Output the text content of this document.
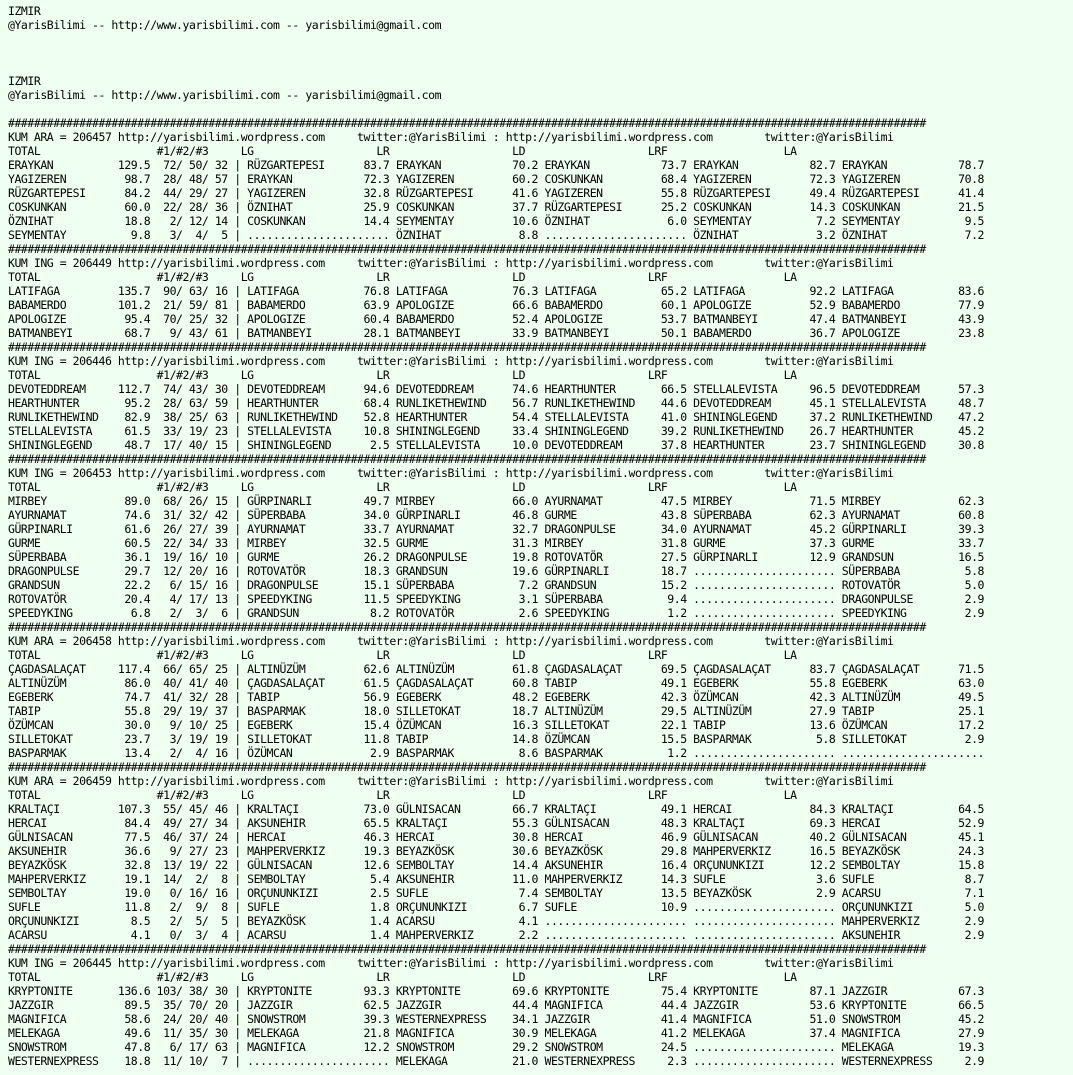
IZMIR
@YarisBilimi -- http://www.yarisbilimi.com -- yarisbilimi@gmail.com
IZMIR
@YarisBilimi -- http://www.yarisbilimi.com -- yarisbilimi@gmail.com
##############################################################################################################################################
KUM ARA = 206457 http://yarisbilimi.wordpress.com     twitter:@YarisBilimi : http://yarisbilimi.wordpress.com        twitter:@YarisBilimi
TOTAL                  #1/#2/#3     LG                   LR                   LD                   LRF                  LA
ERAYKAN          129.5  72/ 50/ 32 | RÜZGARTEPESI      83.7 ERAYKAN           70.2 ERAYKAN           73.7 ERAYKAN           82.7 ERAYKAN           78.7
YAGIZEREN         98.7  28/ 48/ 57 | ERAYKAN           72.3 YAGIZEREN         60.2 COSKUNKAN         68.4 YAGIZEREN         72.3 YAGIZEREN         70.8
RÜZGARTEPESI      84.2  44/ 29/ 27 | YAGIZEREN         32.8 RÜZGARTEPESI      41.6 YAGIZEREN         55.8 RÜZGARTEPESI      49.4 RÜZGARTEPESI      41.4
COSKUNKAN         60.0  22/ 28/ 36 | ÖZNIHAT           25.9 COSKUNKAN         37.7 RÜZGARTEPESI      25.2 COSKUNKAN         14.3 COSKUNKAN         21.5
ÖZNIHAT           18.8   2/ 12/ 14 | COSKUNKAN         14.4 SEYMENTAY         10.6 ÖZNIHAT            6.0 SEYMENTAY          7.2 SEYMENTAY          9.5
SEYMENTAY          9.8   3/  4/  5 | ...................... ÖZNIHAT            8.8 ...................... ÖZNIHAT            3.2 ÖZNIHAT            7.2
##############################################################################################################################################
KUM ING = 206449 http://yarisbilimi.wordpress.com     twitter:@YarisBilimi : http://yarisbilimi.wordpress.com        twitter:@YarisBilimi
TOTAL                  #1/#2/#3     LG                   LR                   LD                   LRF                  LA
LATIFAGA         135.7  90/ 63/ 16 | LATIFAGA          76.8 LATIFAGA          76.3 LATIFAGA          65.2 LATIFAGA          92.2 LATIFAGA          83.6
BABAMERDO        101.2  21/ 59/ 81 | BABAMERDO         63.9 APOLOGIZE         66.6 BABAMERDO         60.1 APOLOGIZE         52.9 BABAMERDO         77.9
APOLOGIZE         95.4  70/ 25/ 32 | APOLOGIZE         60.4 BABAMERDO         52.4 APOLOGIZE         53.7 BATMANBEYI        47.4 BATMANBEYI        43.9
BATMANBEYI        68.7   9/ 43/ 61 | BATMANBEYI        28.1 BATMANBEYI        33.9 BATMANBEYI        50.1 BABAMERDO         36.7 APOLOGIZE         23.8
##############################################################################################################################################
KUM ING = 206446 http://yarisbilimi.wordpress.com     twitter:@YarisBilimi : http://yarisbilimi.wordpress.com        twitter:@YarisBilimi
TOTAL                  #1/#2/#3     LG                   LR                   LD                   LRF                  LA
DEVOTEDDREAM     112.7  74/ 43/ 30 | DEVOTEDDREAM      94.6 DEVOTEDDREAM      74.6 HEARTHUNTER       66.5 STELLALEVISTA     96.5 DEVOTEDDREAM      57.3
HEARTHUNTER       95.2  28/ 63/ 59 | HEARTHUNTER       68.4 RUNLIKETHEWIND    56.7 RUNLIKETHEWIND    44.6 DEVOTEDDREAM      45.1 STELLALEVISTA     48.7
RUNLIKETHEWIND    82.9  38/ 25/ 63 | RUNLIKETHEWIND    52.8 HEARTHUNTER       54.4 STELLALEVISTA     41.0 SHININGLEGEND     37.2 RUNLIKETHEWIND    47.2
STELLALEVISTA     61.5  33/ 19/ 23 | STELLALEVISTA     10.8 SHININGLEGEND     33.4 SHININGLEGEND     39.2 RUNLIKETHEWIND    26.7 HEARTHUNTER       45.2
SHININGLEGEND     48.7  17/ 40/ 15 | SHININGLEGEND      2.5 STELLALEVISTA     10.0 DEVOTEDDREAM      37.8 HEARTHUNTER       23.7 SHININGLEGEND     30.8
##############################################################################################################################################
KUM ING = 206453 http://yarisbilimi.wordpress.com     twitter:@YarisBilimi : http://yarisbilimi.wordpress.com        twitter:@YarisBilimi
TOTAL                  #1/#2/#3     LG                   LR                   LD                   LRF                  LA
MIRBEY            89.0  68/ 26/ 15 | GÜRPINARLI        49.7 MIRBEY            66.0 AYURNAMAT         47.5 MIRBEY            71.5 MIRBEY            62.3
AYURNAMAT         74.6  31/ 32/ 42 | SÜPERBABA         34.0 GÜRPINARLI        46.8 GURME             43.8 SÜPERBABA         62.3 AYURNAMAT         60.8
GÜRPINARLI        61.6  26/ 27/ 39 | AYURNAMAT         33.7 AYURNAMAT         32.7 DRAGONPULSE       34.0 AYURNAMAT         45.2 GÜRPINARLI        39.3
GURME             60.5  22/ 34/ 33 | MIRBEY            32.5 GURME             31.3 MIRBEY            31.8 GURME             37.3 GURME             33.7
SÜPERBABA         36.1  19/ 16/ 10 | GURME             26.2 DRAGONPULSE       19.8 ROTOVATÖR         27.5 GÜRPINARLI        12.9 GRANDSUN          16.5
DRAGONPULSE       29.7  12/ 20/ 16 | ROTOVATÖR         18.3 GRANDSUN          19.6 GÜRPINARLI        18.7 ...................... SÜPERBABA          5.8
GRANDSUN          22.2   6/ 15/ 16 | DRAGONPULSE       15.1 SÜPERBABA          7.2 GRANDSUN          15.2 ...................... ROTOVATÖR          5.0
ROTOVATÖR         20.4   4/ 17/ 13 | SPEEDYKING        11.5 SPEEDYKING         3.1 SÜPERBABA          9.4 ...................... DRAGONPULSE        2.9
SPEEDYKING         6.8   2/  3/  6 | GRANDSUN           8.2 ROTOVATÖR          2.6 SPEEDYKING         1.2 ...................... SPEEDYKING         2.9
##############################################################################################################################################
KUM ARA = 206458 http://yarisbilimi.wordpress.com     twitter:@YarisBilimi : http://yarisbilimi.wordpress.com        twitter:@YarisBilimi
TOTAL                  #1/#2/#3     LG                   LR                   LD                   LRF                  LA
ÇAGDASALAÇAT     117.4  66/ 65/ 25 | ALTINÜZÜM         62.6 ALTINÜZÜM         61.8 ÇAGDASALAÇAT      69.5 ÇAGDASALAÇAT      83.7 ÇAGDASALAÇAT      71.5
ALTINÜZÜM         86.0  40/ 41/ 40 | ÇAGDASALAÇAT      61.5 ÇAGDASALAÇAT      60.8 TABIP             49.1 EGEBERK           55.8 EGEBERK           63.0
EGEBERK           74.7  41/ 32/ 28 | TABIP             56.9 EGEBERK           48.2 EGEBERK           42.3 ÖZÜMCAN           42.3 ALTINÜZÜM         49.5
TABIP             55.8  29/ 19/ 37 | BASPARMAK         18.0 SILLETOKAT        18.7 ALTINÜZÜM         29.5 ALTINÜZÜM         27.9 TABIP             25.1
ÖZÜMCAN           30.0   9/ 10/ 25 | EGEBERK           15.4 ÖZÜMCAN           16.3 SILLETOKAT        22.1 TABIP             13.6 ÖZÜMCAN           17.2
SILLETOKAT        23.7   3/ 19/ 19 | SILLETOKAT        11.8 TABIP             14.8 ÖZÜMCAN           15.5 BASPARMAK          5.8 SILLETOKAT         2.9
BASPARMAK         13.4   2/  4/ 16 | ÖZÜMCAN            2.9 BASPARMAK          8.6 BASPARMAK          1.2 ...................... ......................
##############################################################################################################################################
KUM ARA = 206459 http://yarisbilimi.wordpress.com     twitter:@YarisBilimi : http://yarisbilimi.wordpress.com        twitter:@YarisBilimi
TOTAL                  #1/#2/#3     LG                   LR                   LD                   LRF                  LA
KRALTAÇI         107.3  55/ 45/ 46 | KRALTAÇI          73.0 GÜLNISACAN        66.7 KRALTAÇI          49.1 HERCAI            84.3 KRALTAÇI          64.5
HERCAI            84.4  49/ 27/ 34 | AKSUNEHIR         65.5 KRALTAÇI          55.3 GÜLNISACAN        48.3 KRALTAÇI          69.3 HERCAI            52.9
GÜLNISACAN        77.5  46/ 37/ 24 | HERCAI            46.3 HERCAI            30.8 HERCAI            46.9 GÜLNISACAN        40.2 GÜLNISACAN        45.1
AKSUNEHIR         36.6   9/ 27/ 23 | MAHPERVERKIZ      19.3 BEYAZKÖSK         30.6 BEYAZKÖSK         29.8 MAHPERVERKIZ      16.5 BEYAZKÖSK         24.3
BEYAZKÖSK         32.8  13/ 19/ 22 | GÜLNISACAN        12.6 SEMBOLTAY         14.4 AKSUNEHIR         16.4 ORÇUNUNKIZI       12.2 SEMBOLTAY         15.8
MAHPERVERKIZ      19.1  14/  2/  8 | SEMBOLTAY          5.4 AKSUNEHIR         11.0 MAHPERVERKIZ      14.3 SUFLE              3.6 SUFLE              8.7
SEMBOLTAY         19.0   0/ 16/ 16 | ORÇUNUNKIZI        2.5 SUFLE              7.4 SEMBOLTAY         13.5 BEYAZKÖSK          2.9 ACARSU             7.1
SUFLE             11.8   2/  9/  8 | SUFLE              1.8 ORÇUNUNKIZI        6.7 SUFLE             10.9 ...................... ORÇUNUNKIZI        5.0
ORÇUNUNKIZI        8.5   2/  5/  5 | BEYAZKÖSK          1.4 ACARSU             4.1 ...................... ...................... MAHPERVERKIZ       2.9
ACARSU             4.1   0/  3/  4 | ACARSU             1.4 MAHPERVERKIZ       2.2 ...................... ...................... AKSUNEHIR          2.9
##############################################################################################################################################
KUM ING = 206445 http://yarisbilimi.wordpress.com     twitter:@YarisBilimi : http://yarisbilimi.wordpress.com        twitter:@YarisBilimi
TOTAL                  #1/#2/#3     LG                   LR                   LD                   LRF                  LA
KRYPTONITE       136.6 103/ 38/ 30 | KRYPTONITE        93.3 KRYPTONITE        69.6 KRYPTONITE        75.4 KRYPTONITE        87.1 JAZZGIR           67.3
JAZZGIR           89.5  35/ 70/ 20 | JAZZGIR           62.5 JAZZGIR           44.4 MAGNIFICA         44.4 JAZZGIR           53.6 KRYPTONITE        66.5
MAGNIFICA         58.6  24/ 20/ 40 | SNOWSTROM         39.3 WESTERNEXPRESS    34.1 JAZZGIR           41.4 MAGNIFICA         51.0 SNOWSTROM         45.2
MELEKAGA          49.6  11/ 35/ 30 | MELEKAGA          21.8 MAGNIFICA         30.9 MELEKAGA          41.2 MELEKAGA          37.4 MAGNIFICA         27.9
SNOWSTROM         47.8   6/ 17/ 63 | MAGNIFICA         12.2 SNOWSTROM         29.2 SNOWSTROM         24.5 ...................... MELEKAGA          19.3
WESTERNEXPRESS    18.8  11/ 10/  7 | ...................... MELEKAGA          21.0 WESTERNEXPRESS     2.3 ...................... WESTERNEXPRESS     2.9
